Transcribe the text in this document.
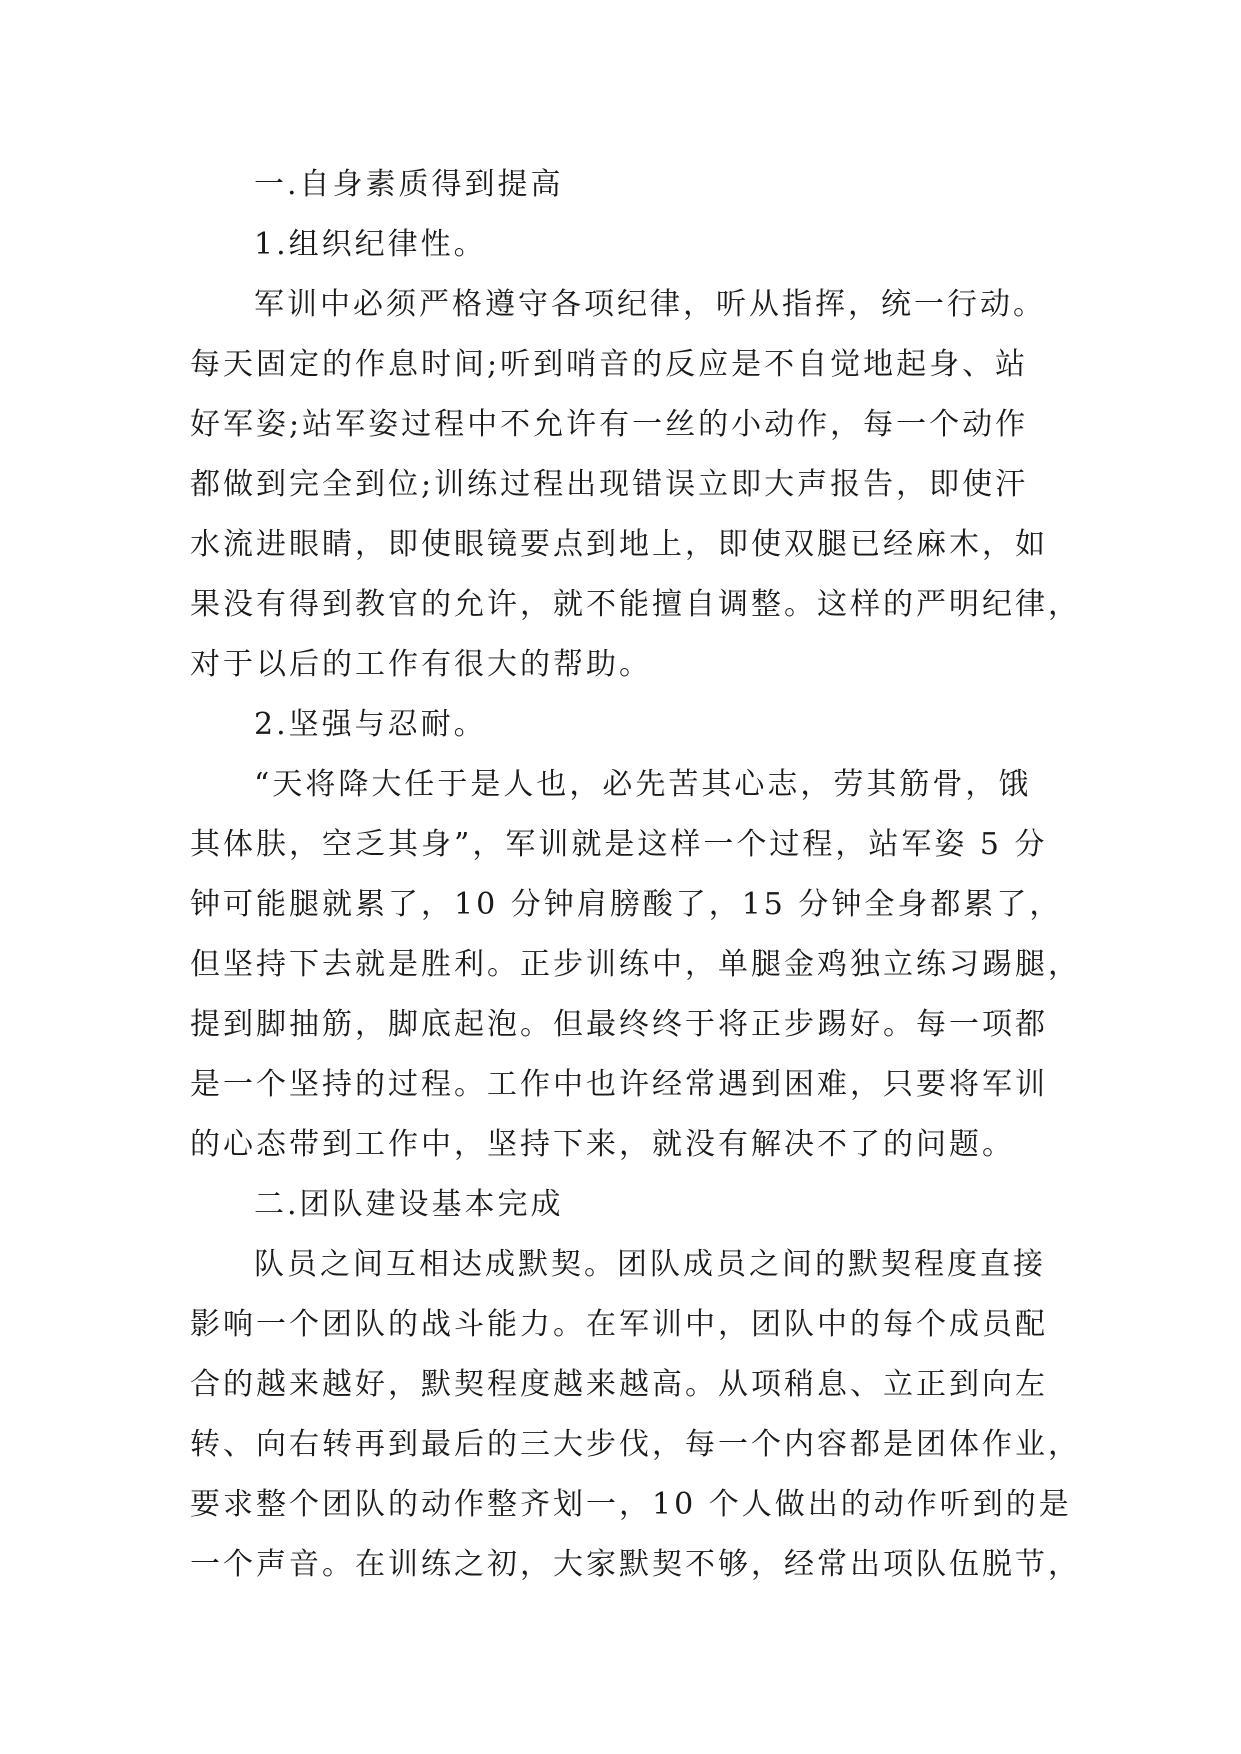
一.自身素质得到提高
1.组织纪律性。
军训中必须严格遵守各项纪律，听从指挥，统一行动。
每天固定的作息时间;听到哨音的反应是不自觉地起身、站
好军姿;站军姿过程中不允许有一丝的小动作，每一个动作
都做到完全到位;训练过程出现错误立即大声报告，即使汗
水流进眼睛，即使眼镜要点到地上，即使双腿已经麻木，如
果没有得到教官的允许，就不能擅自调整。这样的严明纪律，
对于以后的工作有很大的帮助。
2.坚强与忍耐。
“天将降大任于是人也，必先苦其心志，劳其筋骨，饿
其体肤，空乏其身”，军训就是这样一个过程，站军姿 5 分
钟可能腿就累了，10 分钟肩膀酸了，15 分钟全身都累了，
但坚持下去就是胜利。正步训练中，单腿金鸡独立练习踢腿，
提到脚抽筋，脚底起泡。但最终终于将正步踢好。每一项都
是一个坚持的过程。工作中也许经常遇到困难，只要将军训
的心态带到工作中，坚持下来，就没有解决不了的问题。
二.团队建设基本完成
队员之间互相达成默契。团队成员之间的默契程度直接
影响一个团队的战斗能力。在军训中，团队中的每个成员配
合的越来越好，默契程度越来越高。从项稍息、立正到向左
转、向右转再到最后的三大步伐，每一个内容都是团体作业，
要求整个团队的动作整齐划一，10 个人做出的动作听到的是
一个声音。在训练之初，大家默契不够，经常出项队伍脱节，
